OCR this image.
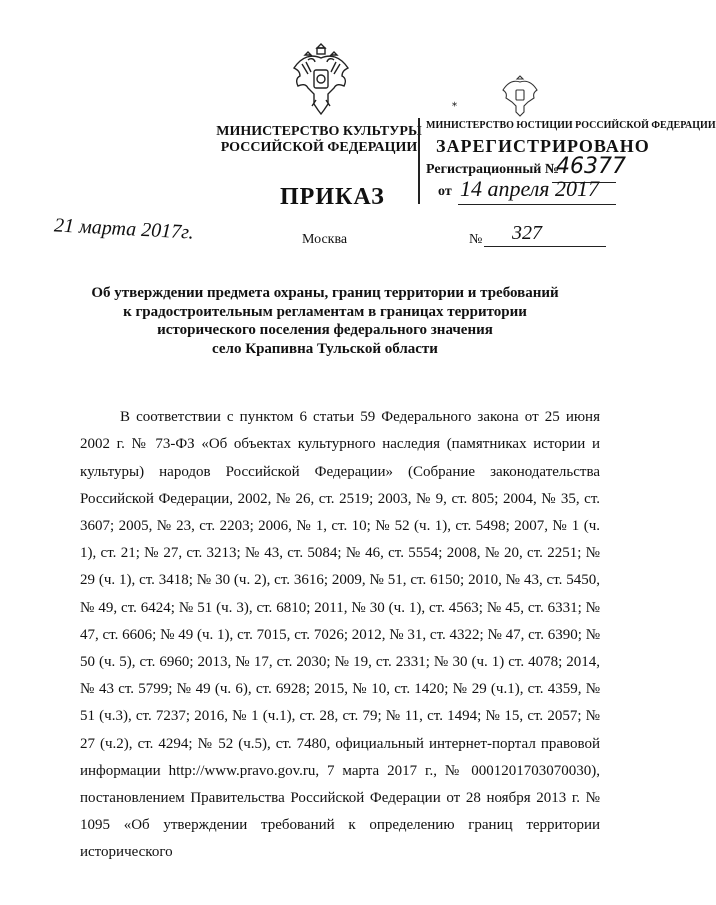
МИНИСТЕРСТВО КУЛЬТУРЫ
РОССИЙСКОЙ ФЕДЕРАЦИИ
⁎
МИНИСТЕРСТВО ЮСТИЦИИ РОССИЙСКОЙ ФЕДЕРАЦИИ
ЗАРЕГИСТРИРОВАНО
Регистрационный №
46377
от 14 апреля 2017
ПРИКАЗ
21 марта 2017г.	Москва	№ 327
Об утверждении предмета охраны, границ территории и требований
к градостроительным регламентам в границах территории
исторического поселения федерального значения
село Крапивна Тульской области

В соответствии с пунктом 6 статьи 59 Федерального закона от 25 июня 2002 г. № 73-ФЗ «Об объектах культурного наследия (памятниках истории и культуры) народов Российской Федерации» (Собрание законодательства Российской Федерации, 2002, № 26, ст. 2519; 2003, № 9, ст. 805; 2004, № 35, ст. 3607; 2005, № 23, ст. 2203; 2006, № 1, ст. 10; № 52 (ч. 1), ст. 5498; 2007, № 1 (ч. 1), ст. 21; № 27, ст. 3213; № 43, ст. 5084; № 46, ст. 5554; 2008, № 20, ст. 2251; № 29 (ч. 1), ст. 3418; № 30 (ч. 2), ст. 3616; 2009, № 51, ст. 6150; 2010, № 43, ст. 5450, № 49, ст. 6424; № 51 (ч. 3), ст. 6810; 2011, № 30 (ч. 1), ст. 4563; № 45, ст. 6331; № 47, ст. 6606; № 49 (ч. 1), ст. 7015, ст. 7026; 2012, № 31, ст. 4322; № 47, ст. 6390; № 50 (ч. 5), ст. 6960; 2013, № 17, ст. 2030; № 19, ст. 2331; № 30 (ч. 1) ст. 4078; 2014, № 43 ст. 5799; № 49 (ч. 6), ст. 6928; 2015, № 10, ст. 1420; № 29 (ч.1), ст. 4359, № 51 (ч.3), ст. 7237; 2016, № 1 (ч.1), ст. 28, ст. 79; № 11, ст. 1494; № 15, ст. 2057; № 27 (ч.2), ст. 4294; № 52 (ч.5), ст. 7480, официальный интернет-портал правовой информации http://www.pravo.gov.ru, 7 марта 2017 г., № 0001201703070030), постановлением Правительства Российской Федерации от 28 ноября 2013 г. № 1095 «Об утверждении требований к определению границ территории исторического
